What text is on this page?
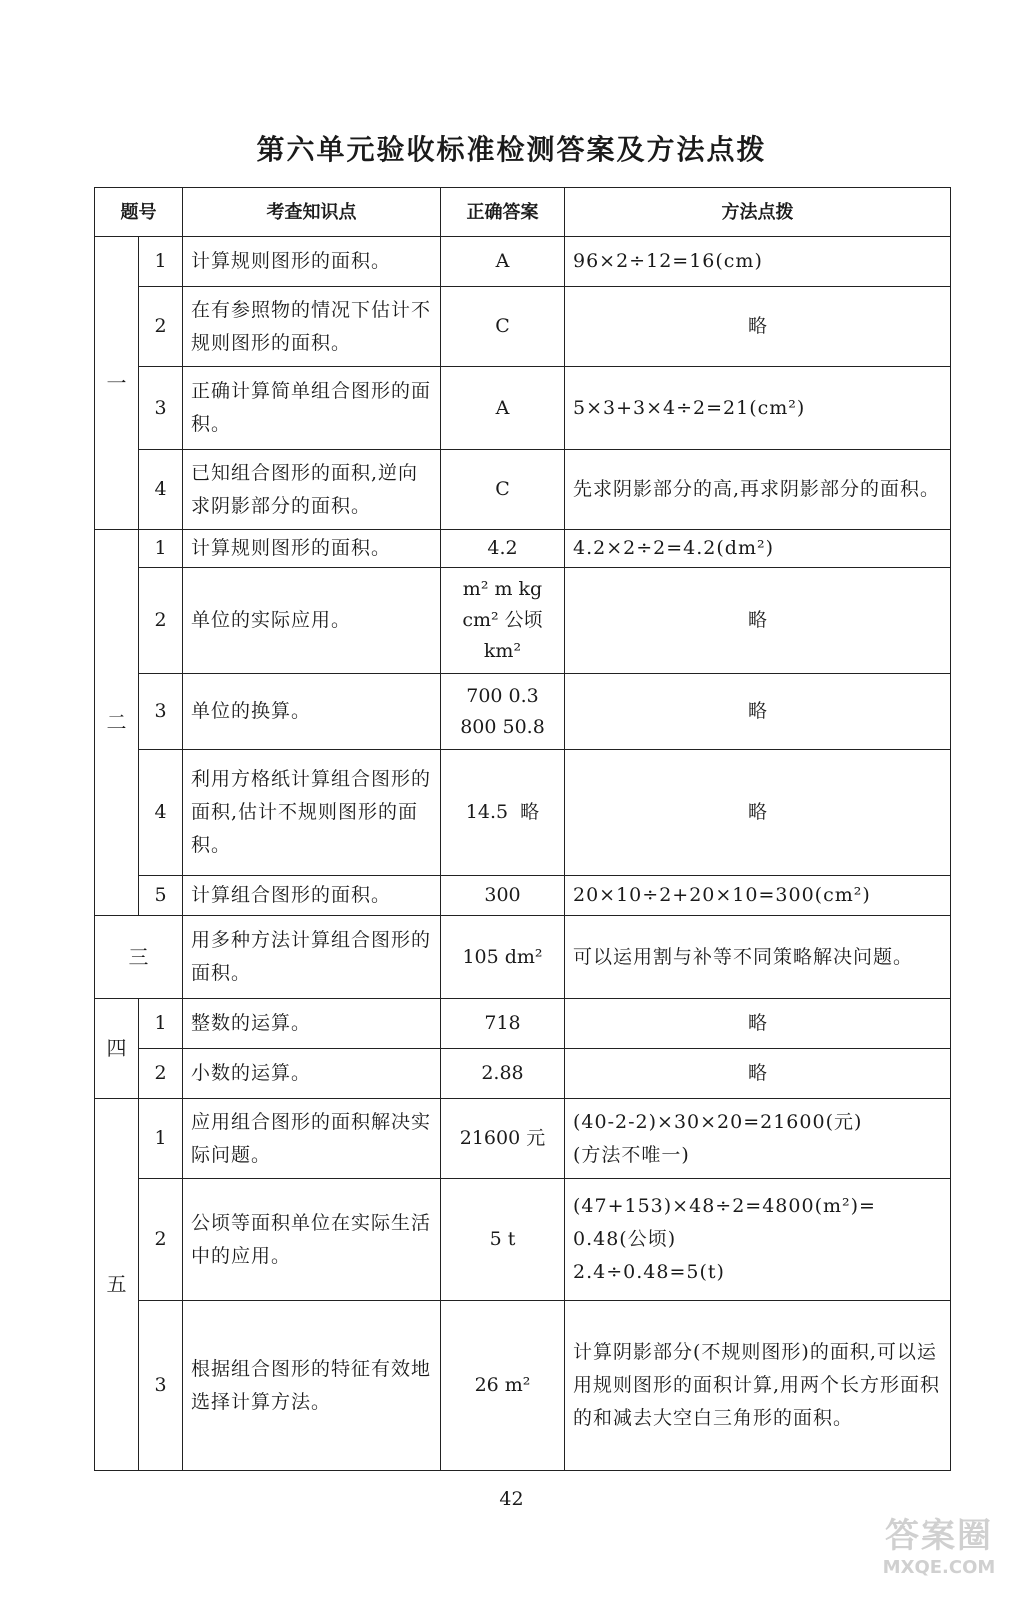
第六单元验收标准检测答案及方法点拨
题号		考查知识点	正确答案	方法点拨
一	1	计算规则图形的面积。	A	96×2÷12=16(cm)
	2	在有参照物的情况下估计不规则图形的面积。	C	略
	3	正确计算简单组合图形的面积。	A	5×3+3×4÷2=21(cm²)
	4	已知组合图形的面积,逆向求阴影部分的面积。	C	先求阴影部分的高,再求阴影部分的面积。
二	1	计算规则图形的面积。	4.2	4.2×2÷2=4.2(dm²)
	2	单位的实际应用。	m² m kg
cm² 公顷
km²	略
	3	单位的换算。	700 0.3
800 50.8	略
	4	利用方格纸计算组合图形的面积,估计不规则图形的面积。	14.5  略	略
	5	计算组合图形的面积。	300	20×10÷2+20×10=300(cm²)
三		用多种方法计算组合图形的面积。	105 dm²	可以运用割与补等不同策略解决问题。
四	1	整数的运算。	718	略
	2	小数的运算。	2.88	略
五	1	应用组合图形的面积解决实际问题。	21600 元	(40-2-2)×30×20=21600(元)
(方法不唯一)

	2	公顷等面积单位在实际生活中的应用。	5 t	(47+153)×48÷2=4800(m²)=
0.48(公顷)
2.4÷0.48=5(t)

	3	根据组合图形的特征有效地选择计算方法。	26 m²	计算阴影部分(不规则图形)的面积,可以运用规则图形的面积计算,用两个长方形面积的和减去大空白三角形的面积。
42
答案圈
MXQE.COM
